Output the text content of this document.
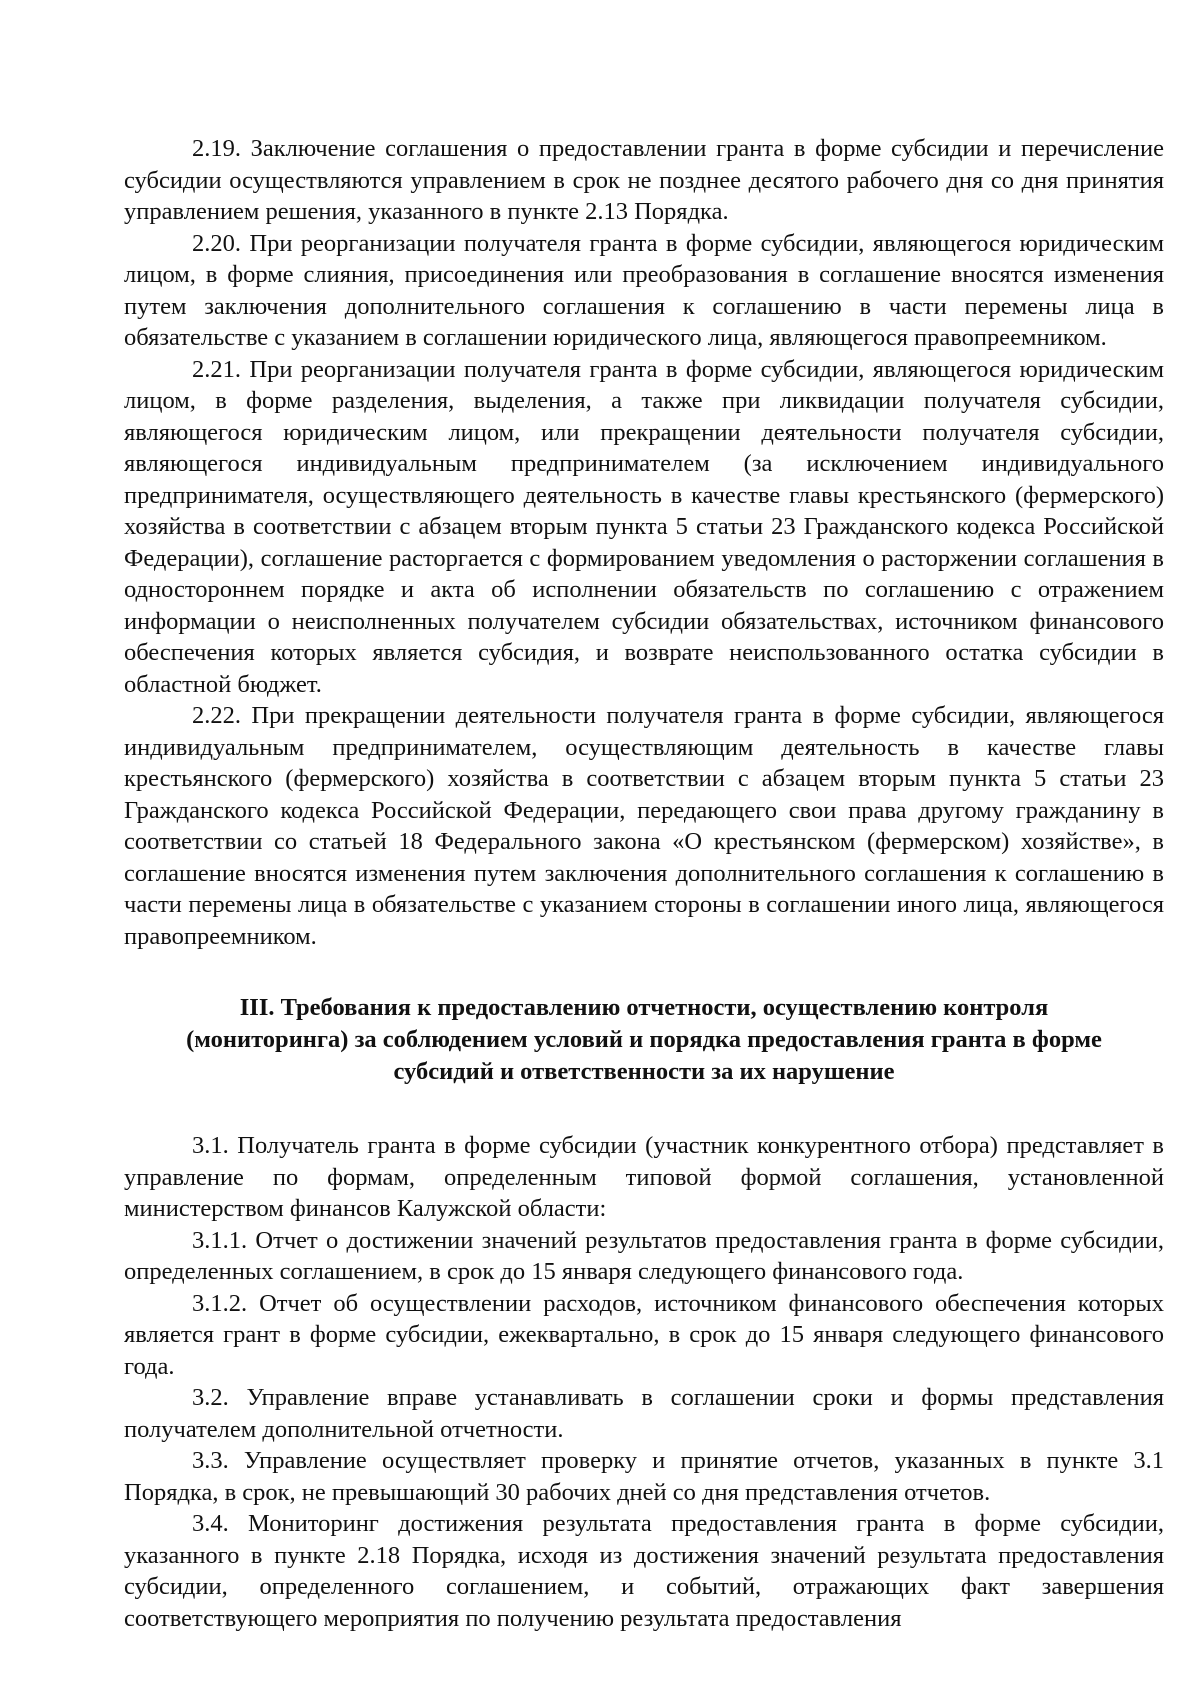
2.19. Заключение соглашения о предоставлении гранта в форме субсидии и перечисление субсидии осуществляются управлением в срок не позднее десятого рабочего дня со дня принятия управлением решения, указанного в пункте 2.13 Порядка.

2.20. При реорганизации получателя гранта в форме субсидии, являющегося юридическим лицом, в форме слияния, присоединения или преобразования в соглашение вносятся изменения путем заключения дополнительного соглашения к соглашению в части перемены лица в обязательстве с указанием в соглашении юридического лица, являющегося правопреемником.

2.21. При реорганизации получателя гранта в форме субсидии, являющегося юридическим лицом, в форме разделения, выделения, а также при ликвидации получателя субсидии, являющегося юридическим лицом, или прекращении деятельности получателя субсидии, являющегося индивидуальным предпринимателем (за исключением индивидуального предпринимателя, осуществляющего деятельность в качестве главы крестьянского (фермерского) хозяйства в соответствии с абзацем вторым пункта 5 статьи 23 Гражданского кодекса Российской Федерации), соглашение расторгается с формированием уведомления о расторжении соглашения в одностороннем порядке и акта об исполнении обязательств по соглашению с отражением информации о неисполненных получателем субсидии обязательствах, источником финансового обеспечения которых является субсидия, и возврате неиспользованного остатка субсидии в областной бюджет.

2.22. При прекращении деятельности получателя гранта в форме субсидии, являющегося индивидуальным предпринимателем, осуществляющим деятельность в качестве главы крестьянского (фермерского) хозяйства в соответствии с абзацем вторым пункта 5 статьи 23 Гражданского кодекса Российской Федерации, передающего свои права другому гражданину в соответствии со статьей 18 Федерального закона «О крестьянском (фермерском) хозяйстве», в соглашение вносятся изменения путем заключения дополнительного соглашения к соглашению в части перемены лица в обязательстве с указанием стороны в соглашении иного лица, являющегося правопреемником.

III. Требования к предоставлению отчетности, осуществлению контроля
(мониторинга) за соблюдением условий и порядка предоставления гранта в форме
субсидий и ответственности за их нарушение

3.1. Получатель гранта в форме субсидии (участник конкурентного отбора) представляет в управление по формам, определенным типовой формой соглашения, установленной министерством финансов Калужской области:

3.1.1. Отчет о достижении значений результатов предоставления гранта в форме субсидии, определенных соглашением, в срок до 15 января следующего финансового года.

3.1.2. Отчет об осуществлении расходов, источником финансового обеспечения которых является грант в форме субсидии, ежеквартально, в срок до 15 января следующего финансового года.

3.2. Управление вправе устанавливать в соглашении сроки и формы представления получателем дополнительной отчетности.

3.3. Управление осуществляет проверку и принятие отчетов, указанных в пункте 3.1 Порядка, в срок, не превышающий 30 рабочих дней со дня представления отчетов.

3.4. Мониторинг достижения результата предоставления гранта в форме субсидии, указанного в пункте 2.18 Порядка, исходя из достижения значений результата предоставления субсидии, определенного соглашением, и событий, отражающих факт завершения соответствующего мероприятия по получению результата предоставления
